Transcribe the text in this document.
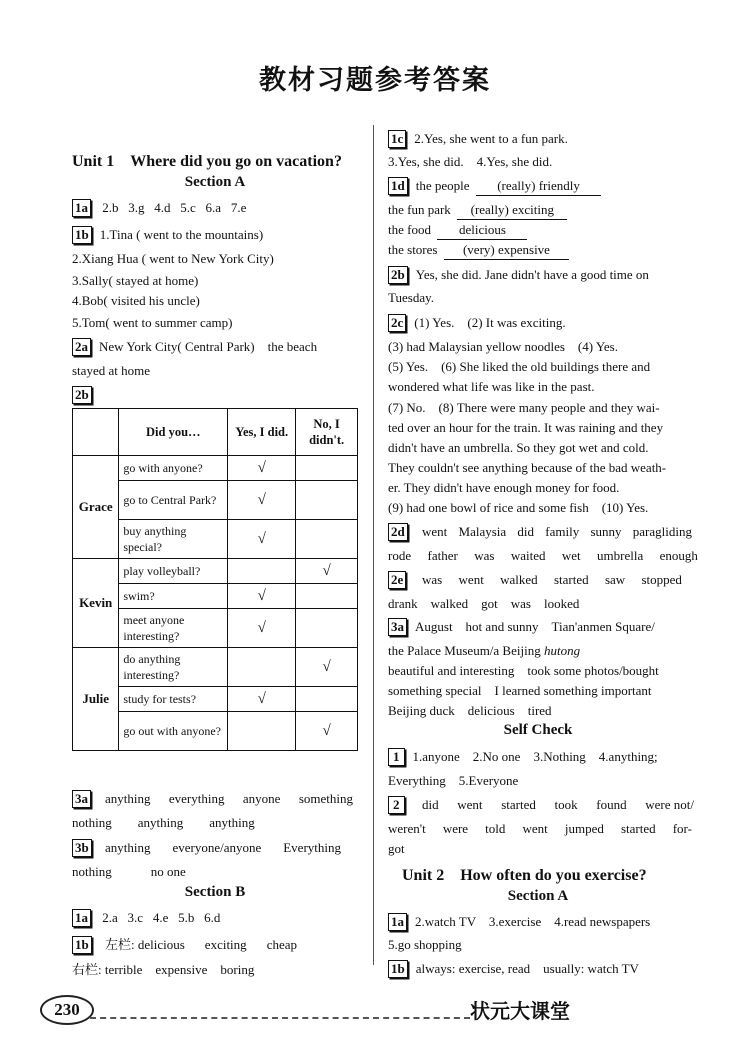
教材习题参考答案
Unit 1　Where did you go on vacation?
Section A
1a 2.b 3.g 4.d 5.c 6.a 7.e
1b 1.Tina ( went to the mountains)
2.Xiang Hua ( went to New York City)
3.Sally( stayed at home)
4.Bob( visited his uncle)
5.Tom( went to summer camp)
2a New York City( Central Park)　the beach
stayed at home
2b
	Did you…	Yes, I did.	No, I didn't.
Grace	go with anyone?	√	
	go to Central Park?	√	
	buy anything special?	√	
Kevin	play volleyball?		√
	swim?	√	
	meet anyone interesting?	√	
Julie	do anything interesting?		√
	study for tests?	√	
	go out with anyone?		√
3a anything everything anyone something
nothing　　anything　　anything
3b anything everyone/anyone Everything
nothing　　　no one
Section B
1a 2.a 3.c 4.e 5.b 6.d
1b 左栏: delicious exciting cheap
右栏: terrible　expensive　boring
1c 2.Yes, she went to a fun park.
3.Yes, she did.　4.Yes, she did.
1d the people (really) friendly
the fun park (really) exciting
the food delicious
the stores (very) expensive
2b Yes, she did. Jane didn't have a good time on
Tuesday.
2c (1) Yes.　(2) It was exciting.
(3) had Malaysian yellow noodles　(4) Yes.
(5) Yes.　(6) She liked the old buildings there and
wondered what life was like in the past.
(7) No.　(8) There were many people and they wai-
ted over an hour for the train. It was raining and they
didn't have an umbrella. So they got wet and cold.
They couldn't see anything because of the bad weath-
er. They didn't have enough money for food.
(9) had one bowl of rice and some fish　(10) Yes.
2d went Malaysia did family sunny paragliding
rode father was waited wet umbrella enough
2e was went walked started saw stopped
drank　walked　got　was　looked
3a August　hot and sunny　Tian'anmen Square/
the Palace Museum/a Beijing hutong
beautiful and interesting　took some photos/bought
something special　I learned something important
Beijing duck　delicious　tired
Self Check
1 1.anyone　2.No one　3.Nothing　4.anything;
Everything　5.Everyone
2	did went started took found were not/
weren't were told went jumped started for-
got
Unit 2　How often do you exercise?
Section A
1a 2.watch TV　3.exercise　4.read newspapers
5.go shopping
1b always: exercise, read　usually: watch TV
230	状元大课堂
